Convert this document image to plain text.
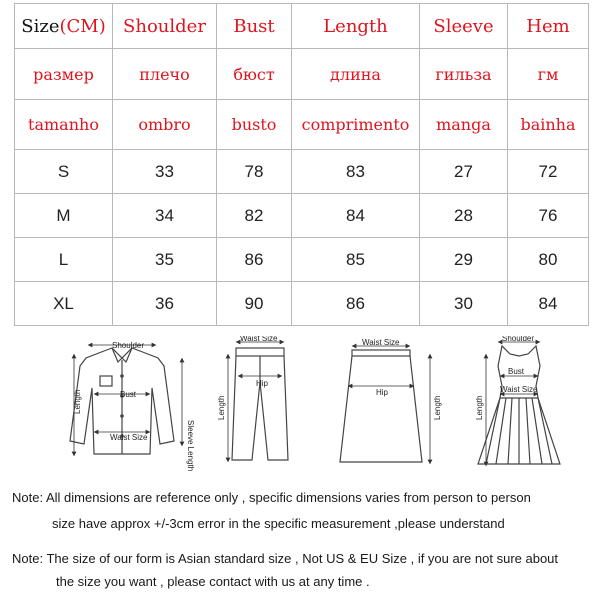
Size(CM)	Shoulder	Bust	Length	Sleeve	Hem
размер	плечо	бюст	длина	гильза	гм
tamanho	ombro	busto	comprimento	manga	bainha
S	33	78	83	27	72
M	34	82	84	28	76
L	35	86	85	29	80
XL	36	90	86	30	84
Shoulder
Bust
Waist Size
Length
Sleeve Length
Waist Size
Hip
Length
Waist Size
Hip
Length
Shoulder
Bust
Waist Size
Length
Note: All dimensions are reference only , specific dimensions varies from person to person
size have approx +/-3cm error in the specific measurement ,please understand
Note: The size of our form is Asian standard size , Not US & EU Size , if you are not sure about
the size you want , please contact with us at any time .
